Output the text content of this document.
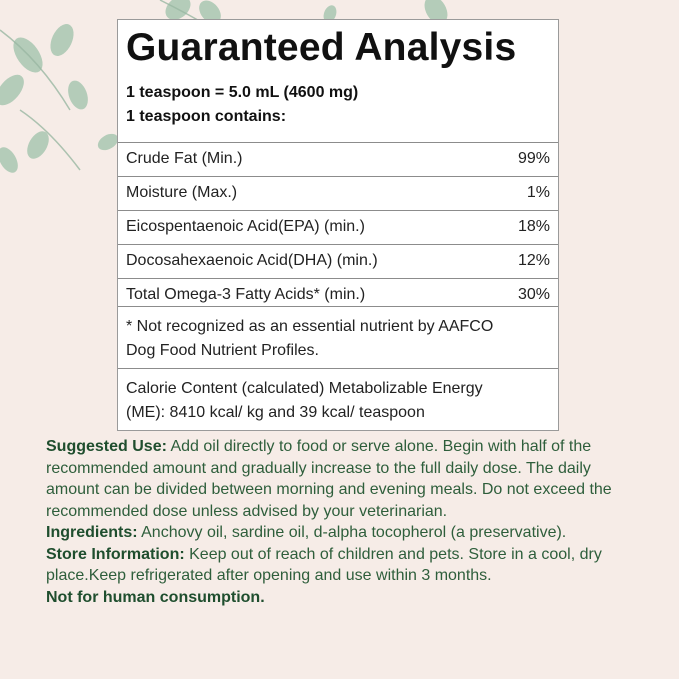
Guaranteed Analysis
1 teaspoon = 5.0 mL (4600 mg)
1 teaspoon contains:
Crude Fat (Min.)	99%
Moisture (Max.)	1%
Eicospentaenoic Acid(EPA) (min.)	18%
Docosahexaenoic Acid(DHA) (min.)	12%
Total Omega-3 Fatty Acids* (min.)	30%
* Not recognized as an essential nutrient by AAFCO
Dog Food Nutrient Profiles.
Calorie Content (calculated) Metabolizable Energy
(ME): 8410 kcal/ kg and 39 kcal/ teaspoon
Suggested Use: Add oil directly to food or serve alone. Begin with half of the recommended amount and gradually increase to the full daily dose. The daily amount can be divided between morning and evening meals. Do not exceed the recommended dose unless advised by your veterinarian.
Ingredients: Anchovy oil, sardine oil, d-alpha tocopherol (a preservative).
Store Information: Keep out of reach of children and pets. Store in a cool, dry place.Keep refrigerated after opening and use within 3 months.
Not for human consumption.
